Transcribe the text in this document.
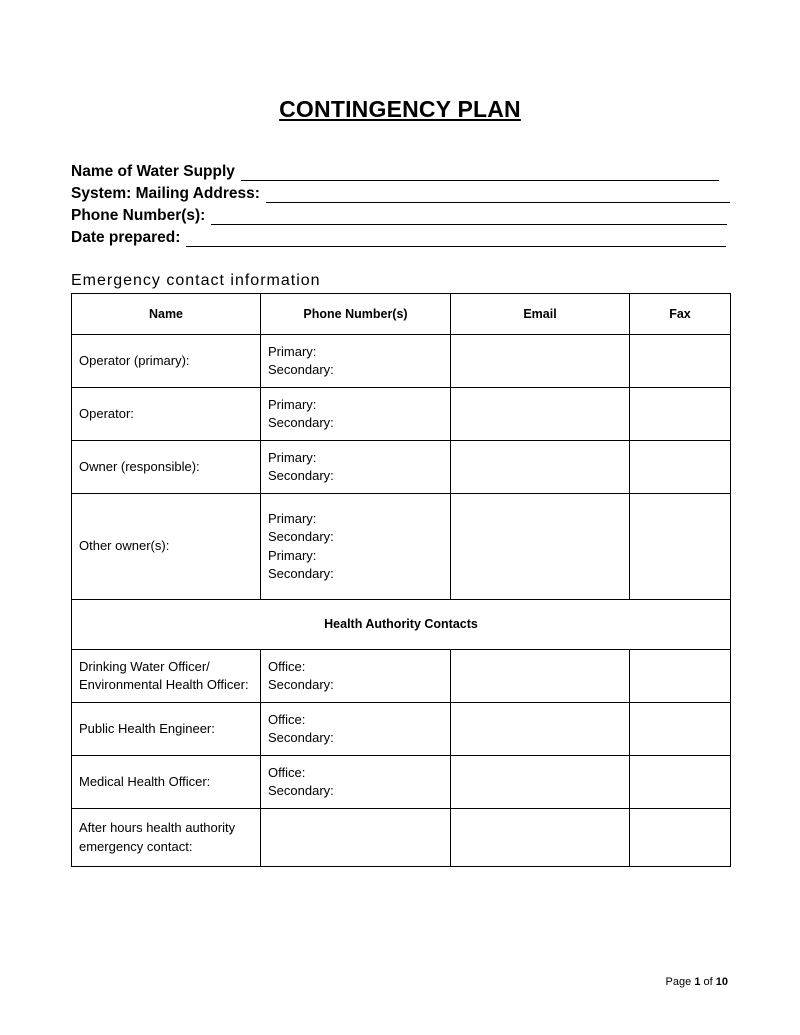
CONTINGENCY PLAN
Name of Water Supply
System: Mailing Address:
Phone Number(s):
Date prepared:
Emergency contact information
Name	Phone Number(s)	Email	Fax
Operator (primary):	Primary:
Secondary:		

Operator:	Primary:
Secondary:		

Owner (responsible):	Primary:
Secondary:		

Other owner(s):	Primary:
Secondary:
Primary:
Secondary:		

Health Authority Contacts			
Drinking Water Officer/ Environmental Health Officer:	Office:
Secondary:		

Public Health Engineer:	Office:
Secondary:		

Medical Health Officer:	Office:
Secondary:		

After hours health authority emergency contact:			
Page 1 of 10
